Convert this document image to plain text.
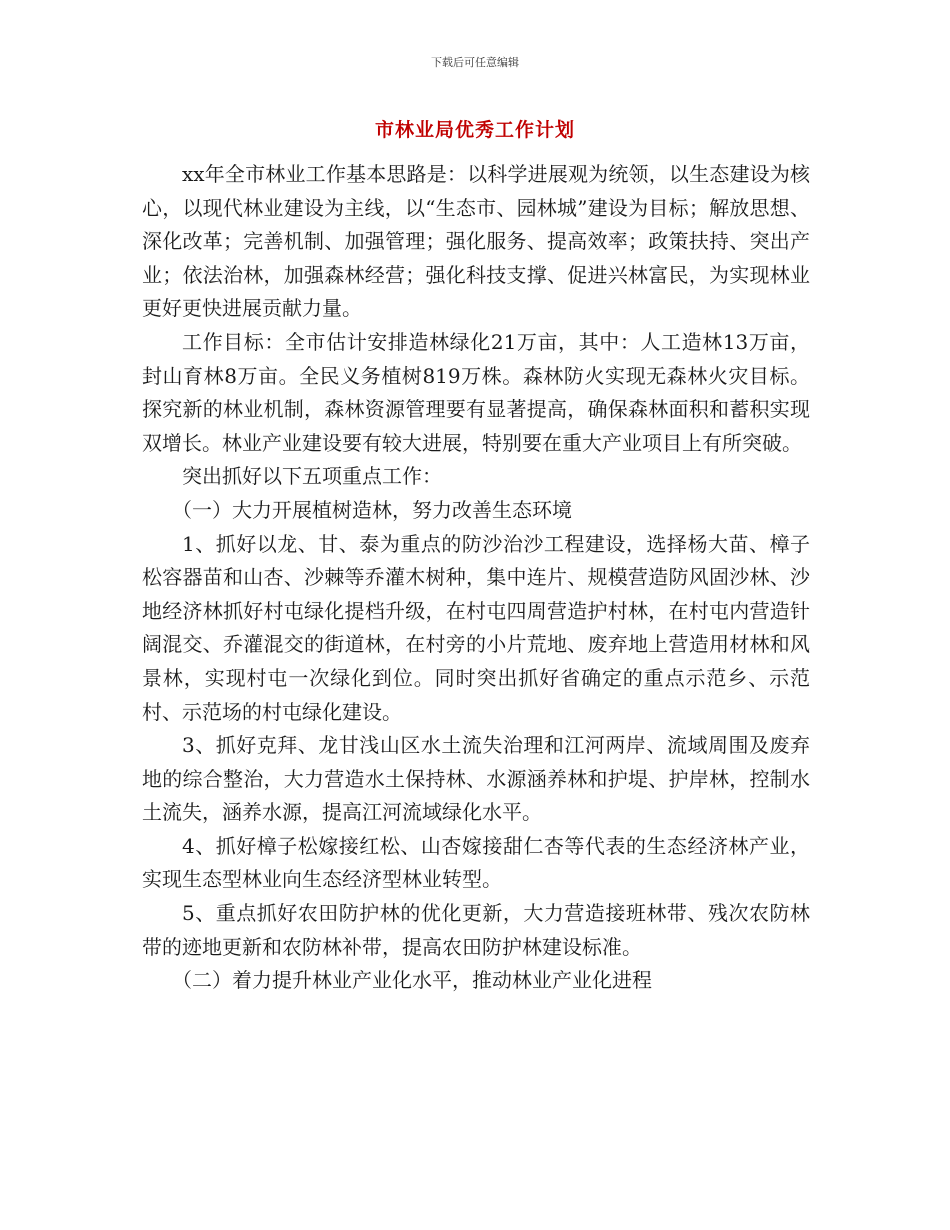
下载后可任意编辑
市林业局优秀工作计划

xx年全市林业工作基本思路是：以科学进展观为统领，以生态建设为核心，以现代林业建设为主线，以“生态市、园林城”建设为目标；解放思想、深化改革；完善机制、加强管理；强化服务、提高效率；政策扶持、突出产业；依法治林，加强森林经营；强化科技支撑、促进兴林富民，为实现林业更好更快进展贡献力量。

工作目标：全市估计安排造林绿化21万亩，其中：人工造林13万亩，封山育林8万亩。全民义务植树819万株。森林防火实现无森林火灾目标。探究新的林业机制，森林资源管理要有显著提高，确保森林面积和蓄积实现双增长。林业产业建设要有较大进展，特别要在重大产业项目上有所突破。

突出抓好以下五项重点工作：

（一）大力开展植树造林，努力改善生态环境

1、抓好以龙、甘、泰为重点的防沙治沙工程建设，选择杨大苗、樟子松容器苗和山杏、沙棘等乔灌木树种，集中连片、规模营造防风固沙林、沙地经济林抓好村屯绿化提档升级，在村屯四周营造护村林，在村屯内营造针阔混交、乔灌混交的街道林，在村旁的小片荒地、废弃地上营造用材林和风景林，实现村屯一次绿化到位。同时突出抓好省确定的重点示范乡、示范村、示范场的村屯绿化建设。

3、抓好克拜、龙甘浅山区水土流失治理和江河两岸、流域周围及废弃地的综合整治，大力营造水土保持林、水源涵养林和护堤、护岸林，控制水土流失，涵养水源，提高江河流域绿化水平。

4、抓好樟子松嫁接红松、山杏嫁接甜仁杏等代表的生态经济林产业，实现生态型林业向生态经济型林业转型。

5、重点抓好农田防护林的优化更新，大力营造接班林带、残次农防林带的迹地更新和农防林补带，提高农田防护林建设标准。

（二）着力提升林业产业化水平，推动林业产业化进程
